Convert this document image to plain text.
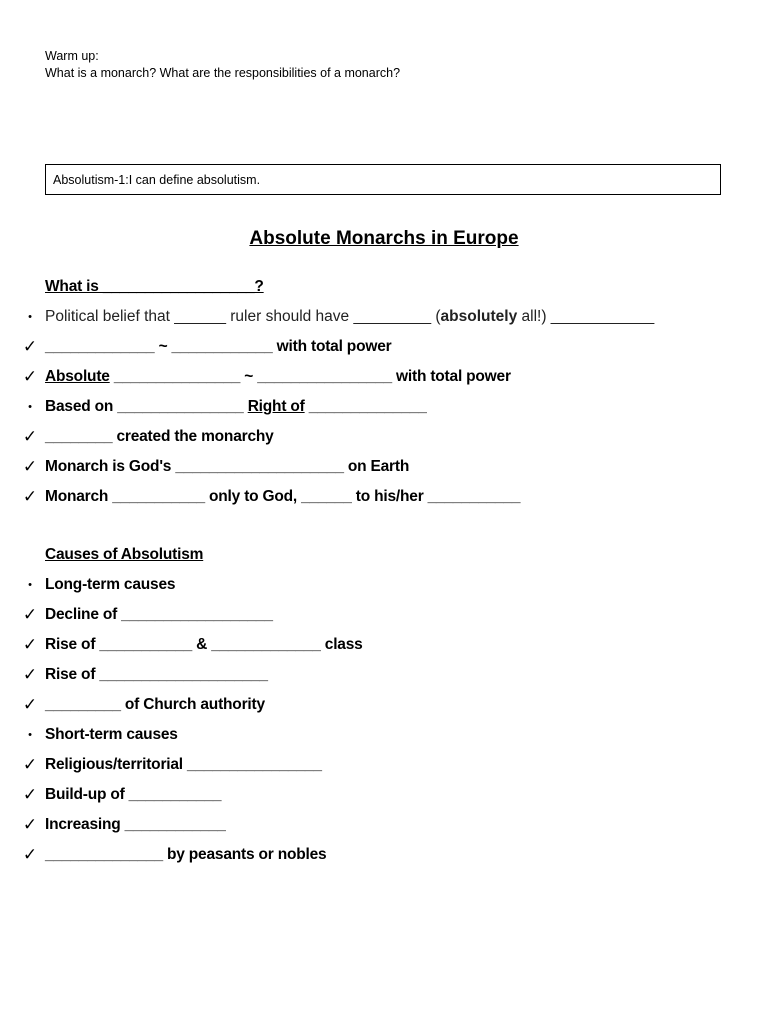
Warm up:
What is a monarch? What are the responsibilities of a monarch?
Absolutism-1:I can define absolutism.
Absolute Monarchs in Europe

What is __________________?

•

Political belief that ______ ruler should have _________ (absolutely all!) ____________

✓

_____________ ~ ____________ with total power

✓

Absolute _______________ ~ ________________ with total power

•

Based on _______________ Right of ______________

✓

________ created the monarchy

✓

Monarch is God's ____________________ on Earth

✓

Monarch ___________ only to God, ______ to his/her ___________

Causes of Absolutism

•

Long-term causes

✓

Decline of __________________

✓

Rise of ___________ & _____________ class

✓

Rise of ____________________

✓

_________ of Church authority

•

Short-term causes

✓

Religious/territorial ________________

✓

Build-up of ___________

✓

Increasing ____________

✓

______________ by peasants or nobles
